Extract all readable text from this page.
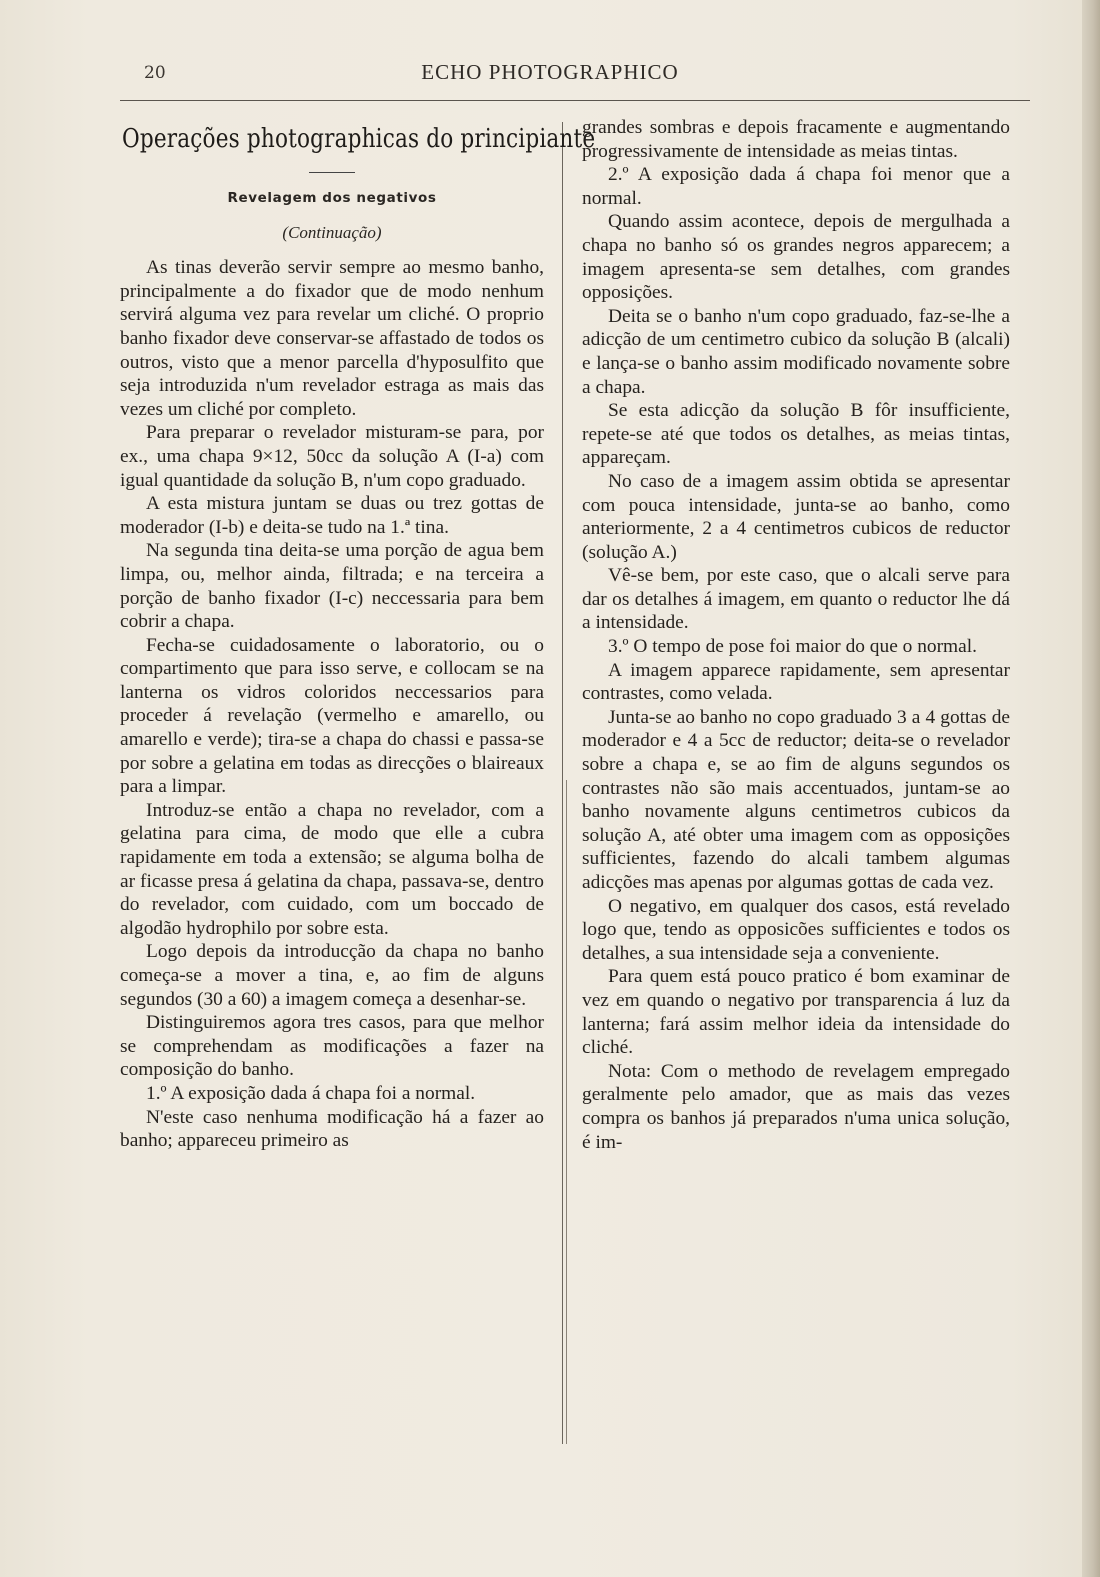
20	ECHO PHOTOGRAPHICO
Operações photographicas do principiante
Revelagem dos negativos
(Continuação)

As tinas deverão servir sempre ao mesmo banho, principalmente a do fixador que de modo nenhum servirá alguma vez para revelar um cliché. O proprio banho fixador deve conservar-se affastado de todos os outros, visto que a menor parcella d'hyposulfito que seja introduzida n'um revelador estraga as mais das vezes um cliché por completo.

Para preparar o revelador misturam-se para, por ex., uma chapa 9×12, 50cc da solução A (I-a) com igual quantidade da solução B, n'um copo graduado.

A esta mistura juntam se duas ou trez gottas de moderador (I-b) e deita-se tudo na 1.ª tina.

Na segunda tina deita-se uma porção de agua bem limpa, ou, melhor ainda, filtrada; e na terceira a porção de banho fixador (I-c) neccessaria para bem cobrir a chapa.

Fecha-se cuidadosamente o laboratorio, ou o compartimento que para isso serve, e collocam se na lanterna os vidros coloridos neccessarios para proceder á revelação (vermelho e amarello, ou amarello e verde); tira-se a chapa do chassi e passa-se por sobre a gelatina em todas as direcções o blaireaux para a limpar.

Introduz-se então a chapa no revelador, com a gelatina para cima, de modo que elle a cubra rapidamente em toda a extensão; se alguma bolha de ar ficasse presa á gelatina da chapa, passava-se, dentro do revelador, com cuidado, com um boccado de algodão hydrophilo por sobre esta.

Logo depois da introducção da chapa no banho começa-se a mover a tina, e, ao fim de alguns segundos (30 a 60) a imagem começa a desenhar-se.

Distinguiremos agora tres casos, para que melhor se comprehendam as modificações a fazer na composição do banho.

1.º A exposição dada á chapa foi a normal.

N'este caso nenhuma modificação há a fazer ao banho; appareceu primeiro as

grandes sombras e depois fracamente e augmentando progressivamente de intensidade as meias tintas.

2.º A exposição dada á chapa foi menor que a normal.

Quando assim acontece, depois de mergulhada a chapa no banho só os grandes negros apparecem; a imagem apresenta-se sem detalhes, com grandes opposições.

Deita se o banho n'um copo graduado, faz-se-lhe a adicção de um centimetro cubico da solução B (alcali) e lança-se o banho assim modificado novamente sobre a chapa.

Se esta adicção da solução B fôr insufficiente, repete-se até que todos os detalhes, as meias tintas, appareçam.

No caso de a imagem assim obtida se apresentar com pouca intensidade, junta-se ao banho, como anteriormente, 2 a 4 centimetros cubicos de reductor (solução A.)

Vê-se bem, por este caso, que o alcali serve para dar os detalhes á imagem, em quanto o reductor lhe dá a intensidade.

3.º O tempo de pose foi maior do que o normal.

A imagem apparece rapidamente, sem apresentar contrastes, como velada.

Junta-se ao banho no copo graduado 3 a 4 gottas de moderador e 4 a 5cc de reductor; deita-se o revelador sobre a chapa e, se ao fim de alguns segundos os contrastes não são mais accentuados, juntam-se ao banho novamente alguns centimetros cubicos da solução A, até obter uma imagem com as opposições sufficientes, fazendo do alcali tambem algumas adicções mas apenas por algumas gottas de cada vez.

O negativo, em qualquer dos casos, está revelado logo que, tendo as opposicões sufficientes e todos os detalhes, a sua intensidade seja a conveniente.

Para quem está pouco pratico é bom examinar de vez em quando o negativo por transparencia á luz da lanterna; fará assim melhor ideia da intensidade do cliché.

Nota: Com o methodo de revelagem empregado geralmente pelo amador, que as mais das vezes compra os banhos já preparados n'uma unica solução, é im-
